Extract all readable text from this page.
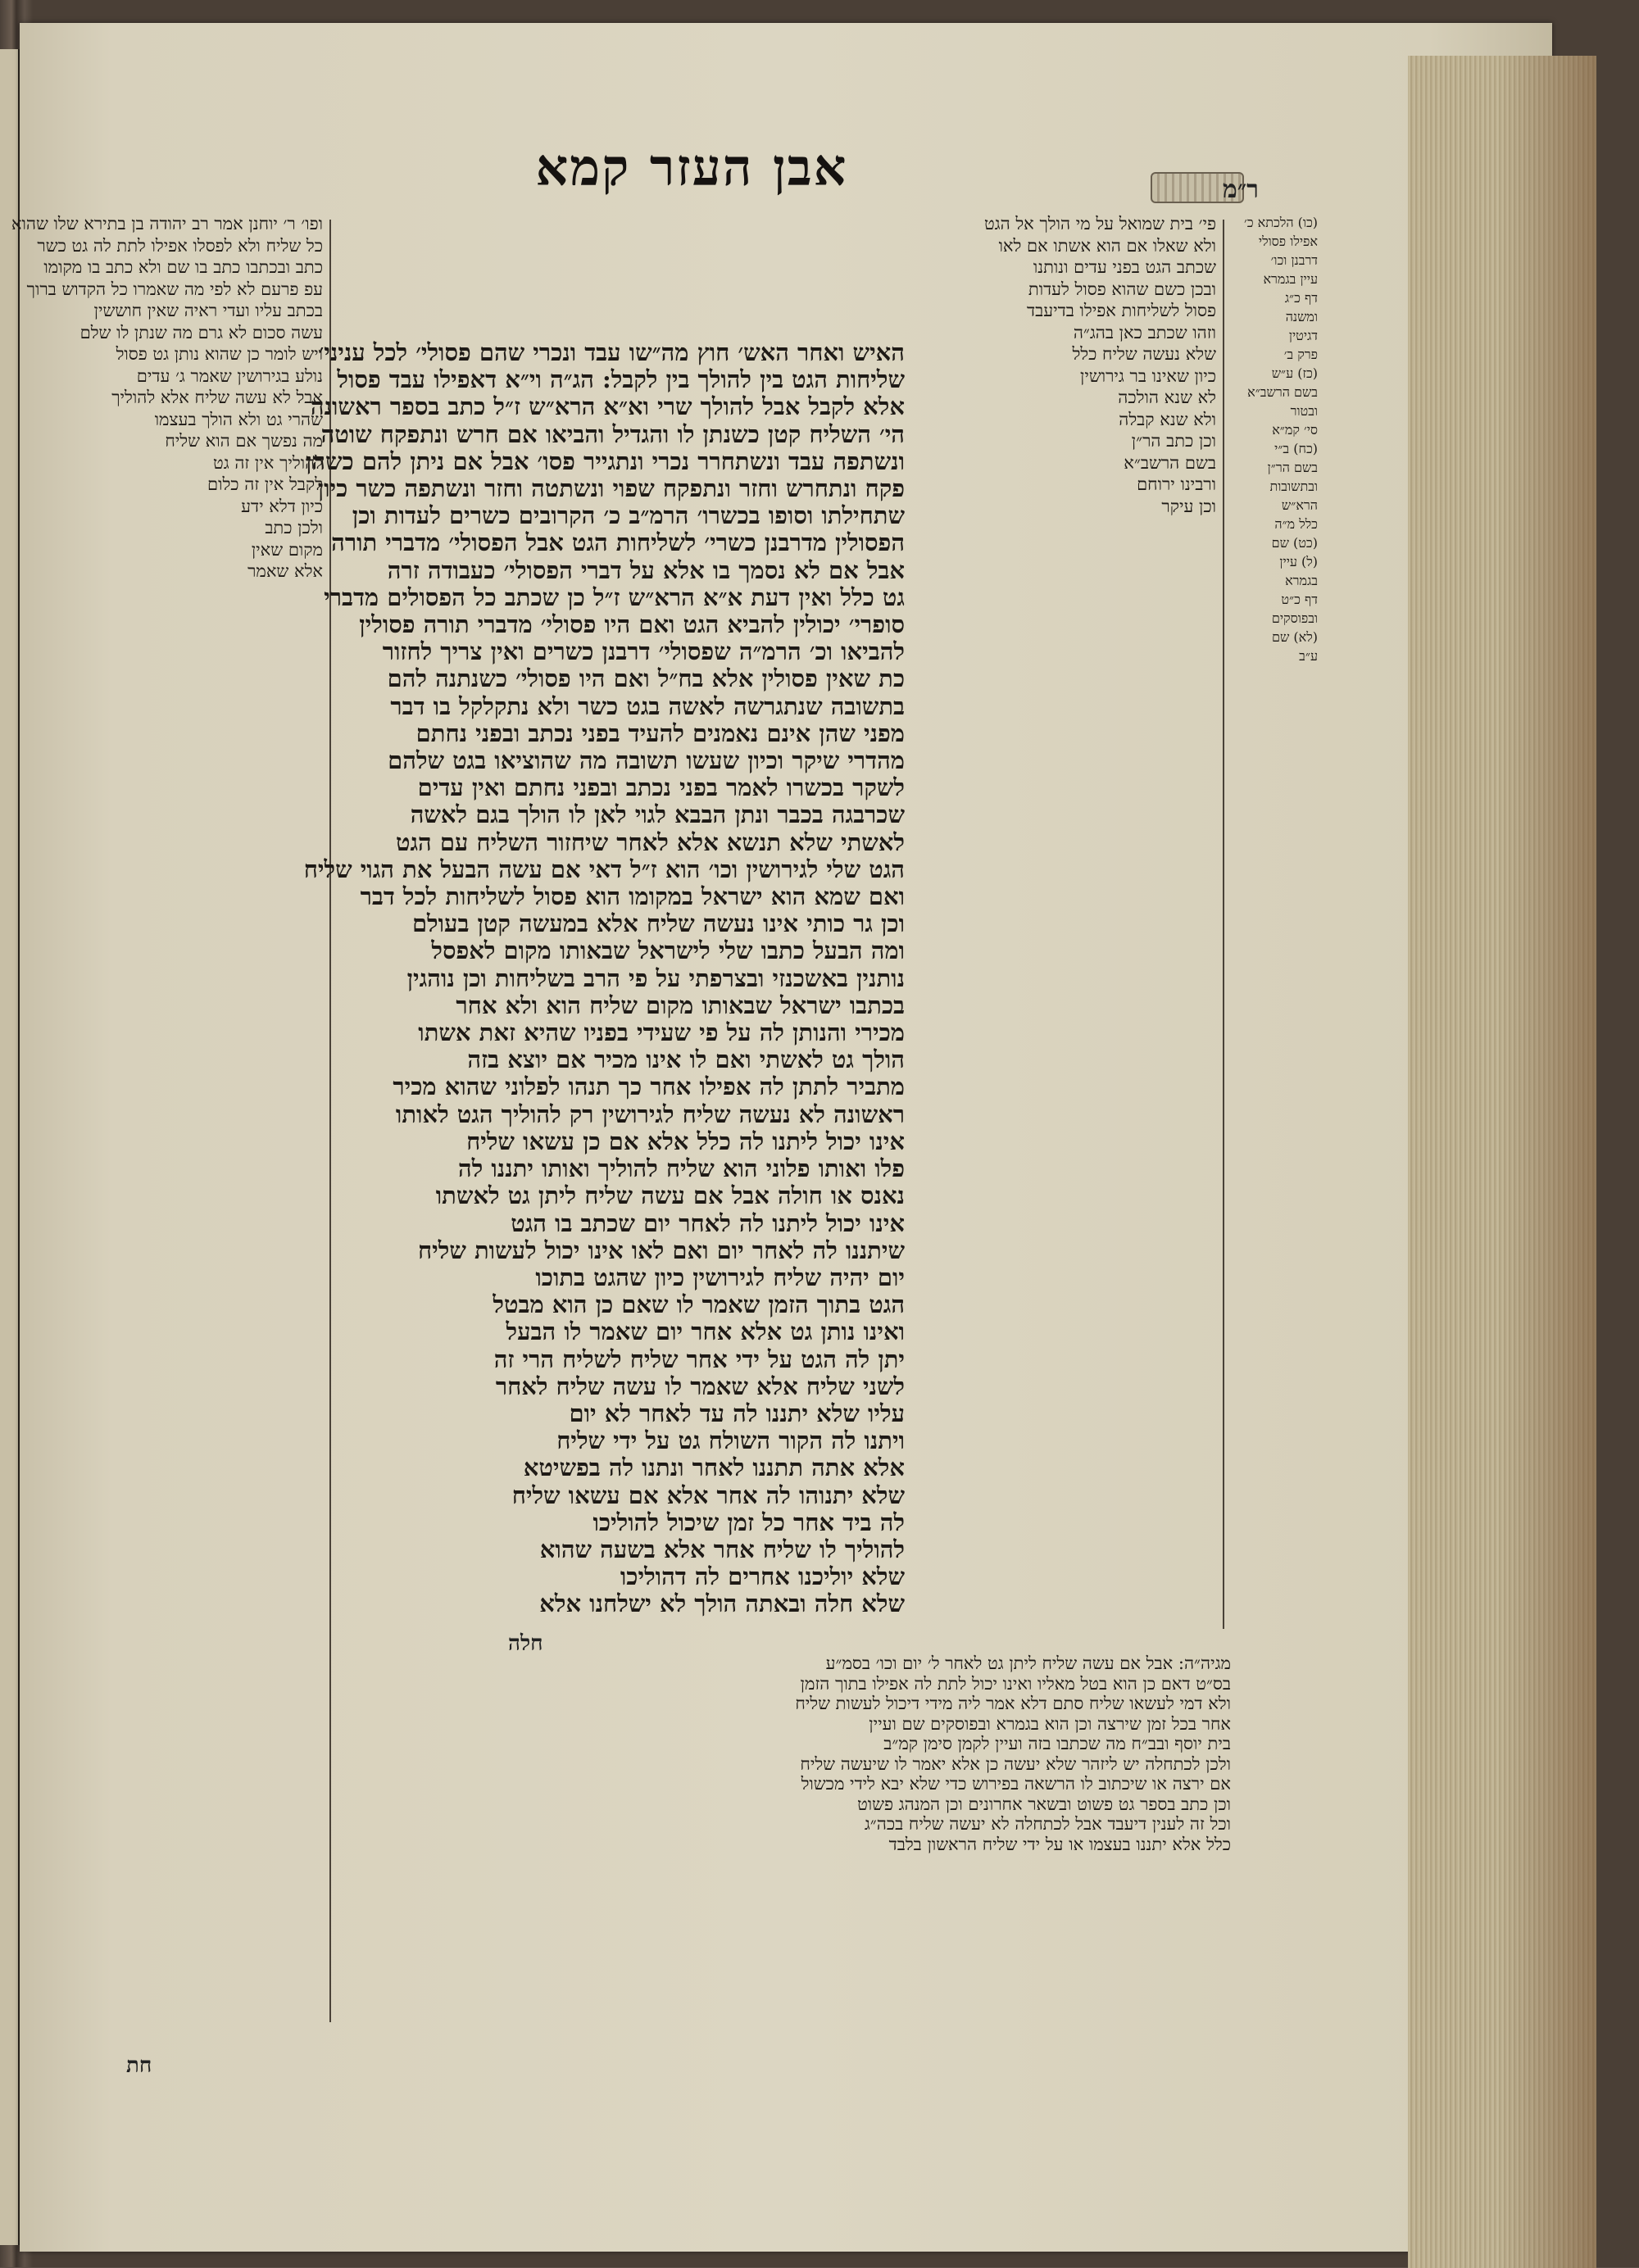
אבן העזר קמא	ר״מ
האיש ואחר האש׳ חוץ מה״שו עבד ונכרי שהם פסולי׳ לכל עניני׳
שליחות הגט בין להולך בין לקבל: הג״ה וי״א דאפילו עבד פסול
אלא לקבל אבל להולך שרי וא״א הרא״ש ז״ל כתב בספר ראשונה
הי׳ השליח קטן כשנתן לו והגדיל והביאו אם חרש ונתפקח שוטה
ונשתפה עבד ונשתחרר נכרי ונתגייר פסו׳ אבל אם ניתן להם כשהן
פקח ונתחרש וחזר ונתפקח שפוי ונשתטה וחזר ונשתפה כשר כיון
שתחילתו וסופו בכשרו׳ הרמ״ב כ׳ הקרובים כשרים לעדות וכן
הפסולין מדרבנן כשרי׳ לשליחות הגט אבל הפסולי׳ מדברי תורה
אבל אם לא נסמך בו אלא על דברי הפסולי׳ כעבודה זרה
גט כלל ואין דעת א״א הרא״ש ז״ל כן שכתב כל הפסולים מדברי
סופרי׳ יכולין להביא הגט ואם היו פסולי׳ מדברי תורה פסולין
להביאו וכ׳ הרמ״ה שפסולי׳ דרבנן כשרים ואין צריך לחזור
כת שאין פסולין אלא בח״ל ואם היו פסולי׳ כשנתנה להם
בתשובה שנתגרשה לאשה בגט כשר ולא נתקלקל בו דבר
מפני שהן אינם נאמנים להעיד בפני נכתב ובפני נחתם
מהדרי שיקר וכיון שעשו תשובה מה שהוציאו בגט שלהם
לשקר בכשרו לאמר בפני נכתב ובפני נחתם ואין עדים
שכרבגה בכבר ונתן הבבא לגוי לאן לו הולך בגם לאשה
לאשתי שלא תנשא אלא לאחר שיחזור השליח עם הגט
הגט שלי לגירושין וכו׳ הוא ז״ל דאי אם עשה הבעל את הגוי שליח
ואם שמא הוא ישראל במקומו הוא פסול לשליחות לכל דבר
וכן גר כותי אינו נעשה שליח אלא במעשה קטן בעולם
ומה הבעל כתבו שלי לישראל שבאותו מקום לאפסל
נותנין באשכנזי ובצרפתי על פי הרב בשליחות וכן נוהגין
בכתבו ישראל שבאותו מקום שליח הוא ולא אחר
מכירי והנותן לה על פי שעידי בפניו שהיא זאת אשתו
הולך גט לאשתי ואם לו אינו מכיר אם יוצא בזה
מתביר לתתן לה אפילו אחר כך תנהו לפלוני שהוא מכיר
ראשונה לא נעשה שליח לגירושין רק להוליך הגט לאותו
אינו יכול ליתנו לה כלל אלא אם כן עשאו שליח
פלו ואותו פלוני הוא שליח להוליך ואותו יתננו לה
נאנס או חולה אבל אם עשה שליח ליתן גט לאשתו
אינו יכול ליתנו לה לאחר יום שכתב בו הגט
שיתננו לה לאחר יום ואם לאו אינו יכול לעשות שליח
יום יהיה שליח לגירושין כיון שהגט בתוכו
הגט בתוך הזמן שאמר לו שאם כן הוא מבטל
ואינו נותן גט אלא אחר יום שאמר לו הבעל
יתן לה הגט על ידי אחר שליח לשליח הרי זה
לשני שליח אלא שאמר לו עשה שליח לאחר
עליו שלא יתננו לה עד לאחר לא יום
ויתנו לה הקור השולח גט על ידי שליח
אלא אתה תתננו לאחר ונתנו לה בפשיטא
שלא יתנוהו לה אחר אלא אם עשאו שליח
לה ביד אחר כל זמן שיכול להוליכו
להוליך לו שליח אחר אלא בשעה שהוא
שלא יוליכנו אחרים לה דהוליכו
שלא חלה ובאתה הולך לא ישלחנו אלא
פי׳ בית שמואל על מי הולך אל הגט
ולא שאלו אם הוא אשתו אם לאו
שכתב הגט בפני עדים ונותנו
ובכן כשם שהוא פסול לעדות
פסול לשליחות אפילו בדיעבד
וזהו שכתב כאן בהג״ה
שלא נעשה שליח כלל
כיון שאינו בר גירושין
לא שנא הולכה
ולא שנא קבלה
וכן כתב הר״ן
בשם הרשב״א
ורבינו ירוחם
וכן עיקר
ופו׳ ר׳ יוחנן אמר רב יהודה בן בתירא שלו שהוא
כל שליח ולא לפסלו אפילו לתת לה גט כשר
כתב ובכתבו כתב בו שם ולא כתב בו מקומו
עפ פרעם לא לפי מה שאמרו כל הקדוש ברוך
בכתב עליו ועדי ראיה שאין חוששין
עשה סכום לא גרם מה שנתן לו שלם
ויש לומר כן שהוא נותן גט פסול
נולע בגירושין שאמר ג׳ עדים
אבל לא עשה שליח אלא להוליך
שהרי גט ולא הולך בעצמו
מה נפשך אם הוא שליח
להוליך אין זה גט
לקבל אין זה כלום
כיון דלא ידע
ולכן כתב
מקום שאין
אלא שאמר
(כו) הלכתא כ׳
אפילו פסולי
דרבנן וכו׳
עיין בגמרא
דף כ״ג
ומשנה
דגיטין
פרק ב׳
(כז) ע״ש
בשם הרשב״א
ובטור
סי׳ קמ״א
(כח) ב״י
בשם הר״ן
ובתשובות
הרא״ש
כלל מ״ה
(כט) שם
(ל) עיין
בגמרא
דף כ״ט
ובפוסקים
(לא) שם
ע״ב
מגיה״ה: אבל אם עשה שליח ליתן גט לאחר ל׳ יום וכו׳ בסמ״ע
בס״ט דאם כן הוא בטל מאליו ואינו יכול לתת לה אפילו בתוך הזמן
ולא דמי לעשאו שליח סתם דלא אמר ליה מידי דיכול לעשות שליח
אחר בכל זמן שירצה וכן הוא בגמרא ובפוסקים שם ועיין
בית יוסף ובב״ח מה שכתבו בזה ועיין לקמן סימן קמ״ב
ולכן לכתחלה יש ליזהר שלא יעשה כן אלא יאמר לו שיעשה שליח
אם ירצה או שיכתוב לו הרשאה בפירוש כדי שלא יבא לידי מכשול
וכן כתב בספר גט פשוט ובשאר אחרונים וכן המנהג פשוט
וכל זה לענין דיעבד אבל לכתחלה לא יעשה שליח בכה״ג
כלל אלא יתננו בעצמו או על ידי שליח הראשון בלבד
חלה
חת
